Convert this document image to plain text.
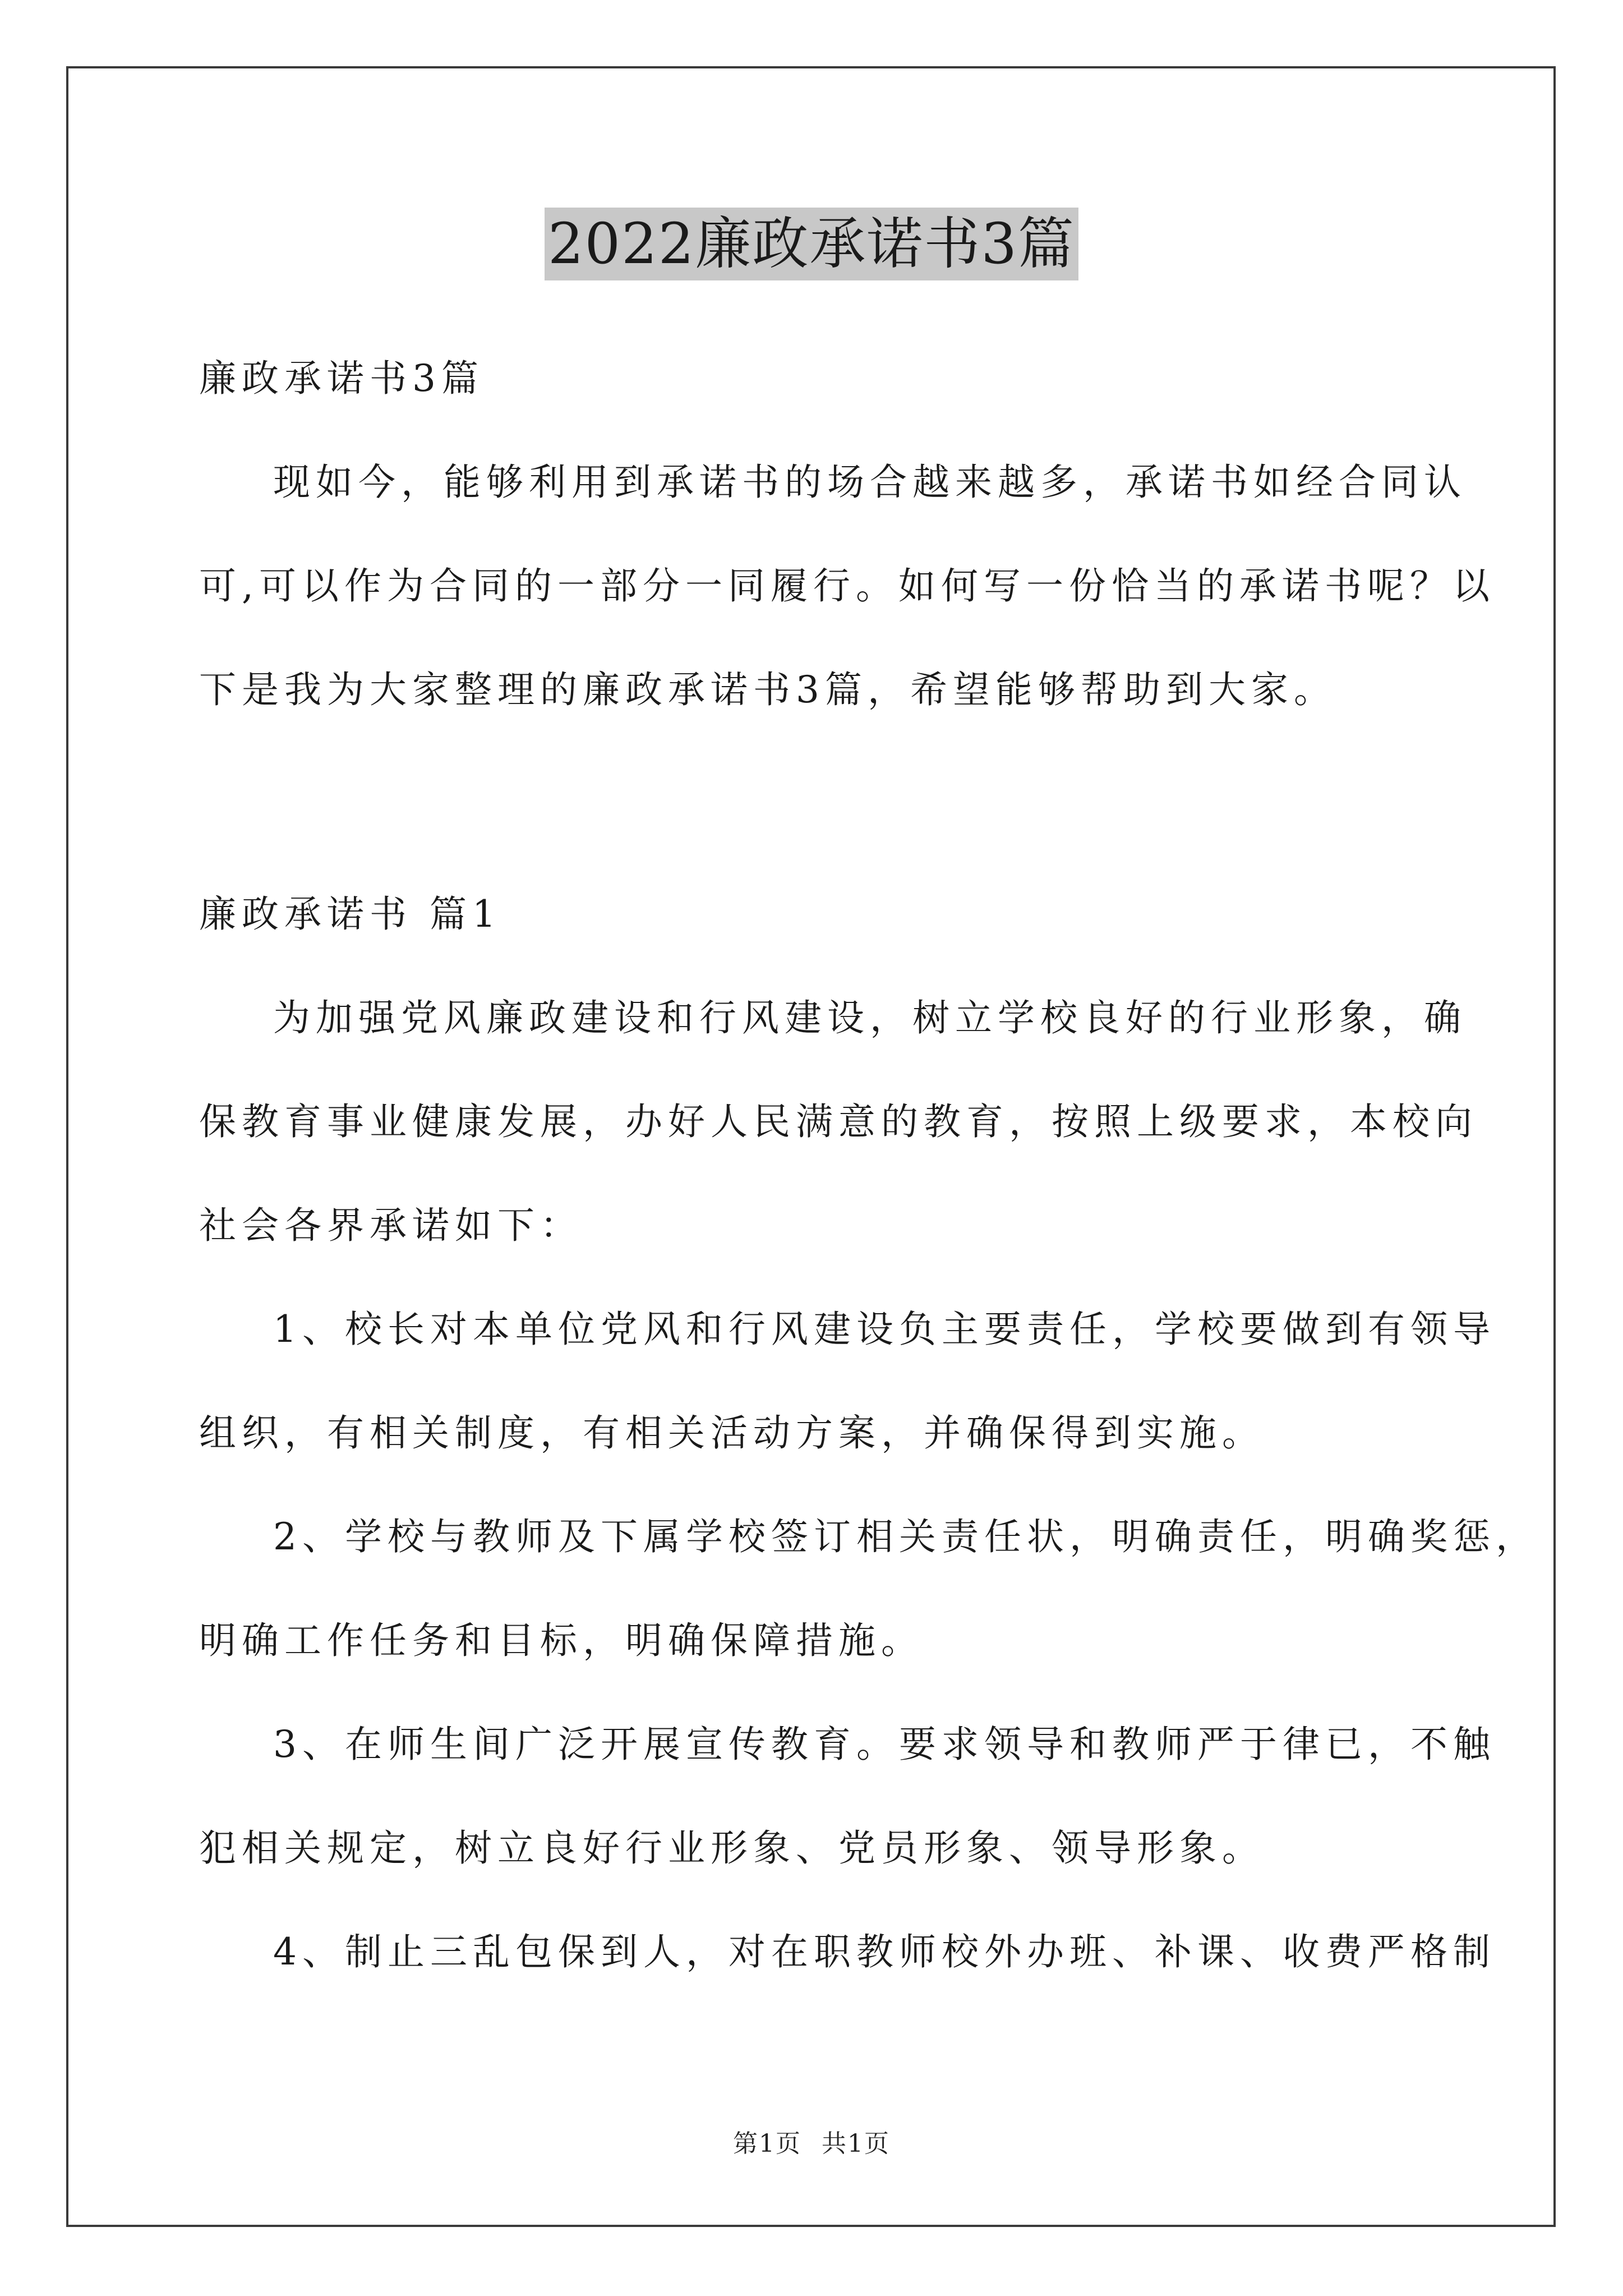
2022廉政承诺书3篇
廉政承诺书3篇
现如今，能够利用到承诺书的场合越来越多，承诺书如经合同认
可,可以作为合同的一部分一同履行。如何写一份恰当的承诺书呢？以
下是我为大家整理的廉政承诺书3篇，希望能够帮助到大家。
廉政承诺书 篇1
为加强党风廉政建设和行风建设，树立学校良好的行业形象，确
保教育事业健康发展，办好人民满意的教育，按照上级要求，本校向
社会各界承诺如下：
1、校长对本单位党风和行风建设负主要责任，学校要做到有领导
组织，有相关制度，有相关活动方案，并确保得到实施。
2、学校与教师及下属学校签订相关责任状，明确责任，明确奖惩，
明确工作任务和目标，明确保障措施。
3、在师生间广泛开展宣传教育。要求领导和教师严于律已，不触
犯相关规定，树立良好行业形象、党员形象、领导形象。
4、制止三乱包保到人，对在职教师校外办班、补课、收费严格制
第1页 共1页
